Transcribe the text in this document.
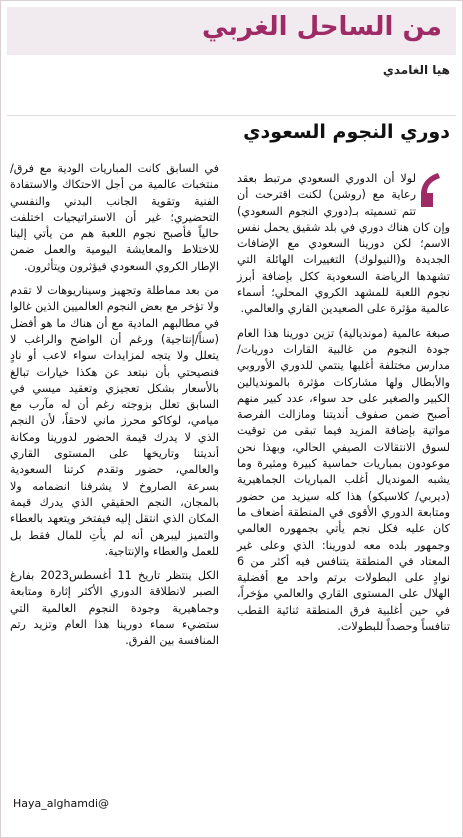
من الساحل الغربي
هيا الغامدي
دوري النجوم السعودي

لولا أن الدوري السعودي مرتبط بعقد رعاية مع (روشن) لكنت اقترحت أن تتم تسميته بـ(دوري النجوم السعودي) وإن كان هناك دوري في بلد شقيق يحمل نفس الاسم؛ لكن دورينا السعودي مع الإضافات الجديدة و(النيولوك) التغييرات الهائلة التي تشهدها الرياضة السعودية ككل بإضافة أبرز نجوم اللعبة للمشهد الكروي المحلي؛ أسماء عالمية مؤثرة على الصعيدين القاري والعالمي.

صبغة عالمية (مونديالية) تزين دورينا هذا العام جودة النجوم من غالبية القارات دوريات/مدارس مختلفة أغلبها ينتمي للدوري الأوروبي والأبطال ولها مشاركات مؤثرة بالمونديالين الكبير والصغير على حد سواء، عدد كبير منهم أصبح ضمن صفوف أنديتنا ومازالت الفرصة مواتية بإضافة المزيد فيما تبقى من توقيت لسوق الانتقالات الصيفي الحالي، وبهذا نحن موعودون بمباريات حماسية كبيرة ومثيرة وما يشبه المونديال أغلب المباريات الجماهيرية (ديربي/ كلاسيكو) هذا كله سيزيد من حضور ومتابعة الدوري الأقوى في المنطقة أضعاف ما كان عليه فكل نجم يأتي بجمهوره العالمي وجمهور بلده معه لدورينا: الذي وعلى غير المعتاد في المنطقة يتنافس فيه أكثر من 6 نوادٍ على البطولات برتم واحد مع أفضلية الهلال على المستوى القاري والعالمي مؤخراً، في حين أغلبية فرق المنطقة ثنائية القطب تنافساً وحصداً للبطولات.

في السابق كانت المباريات الودية مع فرق/منتخبات عالمية من أجل الاحتكاك والاستفادة الفنية وتقوية الجانب البدني والنفسي التحضيري؛ غير أن الاستراتيجيات اختلفت حالياً فأصبح نجوم اللعبة هم من يأتي إلينا للاختلاط والمعايشة اليومية والعمل ضمن الإطار الكروي السعودي فيؤثرون ويتأثرون.

من بعد مماطلة وتجهيز وسيناريوهات لا تقدم ولا تؤخر مع بعض النجوم العالميين الذين غالوا في مطالبهم المادية مع أن هناك ما هو أفضل (سناً/إنتاجية) ورغم أن الواضح والراغب لا يتعلل ولا يتجه لمزايدات سواء لاعب أو نادٍ فنصيحتي بأن نبتعد عن هكذا خيارات تبالغ بالأسعار بشكل تعجيزي وتعقيد ميسي في السابق تعلل بزوجته رغم أن له مآرب مع ميامي، لوكاكو محرز ماني لاحقاً، لأن النجم الذي لا يدرك قيمة الحضور لدورينا ومكانة أنديتنا وتاريخها على المستوى القاري والعالمي، حضور وتقدم كرتنا السعودية بسرعة الصاروخ لا يشرفنا انضمامه ولا بالمجان، النجم الحقيقي الذي يدرك قيمة المكان الذي انتقل إليه فيفتخر ويتعهد بالعطاء والتميز ليبرهن أنه لم يأتِ للمال فقط بل للعمل والعطاء والإنتاجية.

الكل ينتظر تاريخ 11 أغسطس2023 بفارغ الصبر لانطلاقة الدوري الأكثر إثارة ومتابعة وجماهيرية وجودة النجوم العالمية التي ستضيء سماء دورينا هذا العام وتزيد رتم المنافسة بين الفرق.

Haya_alghamdi@
